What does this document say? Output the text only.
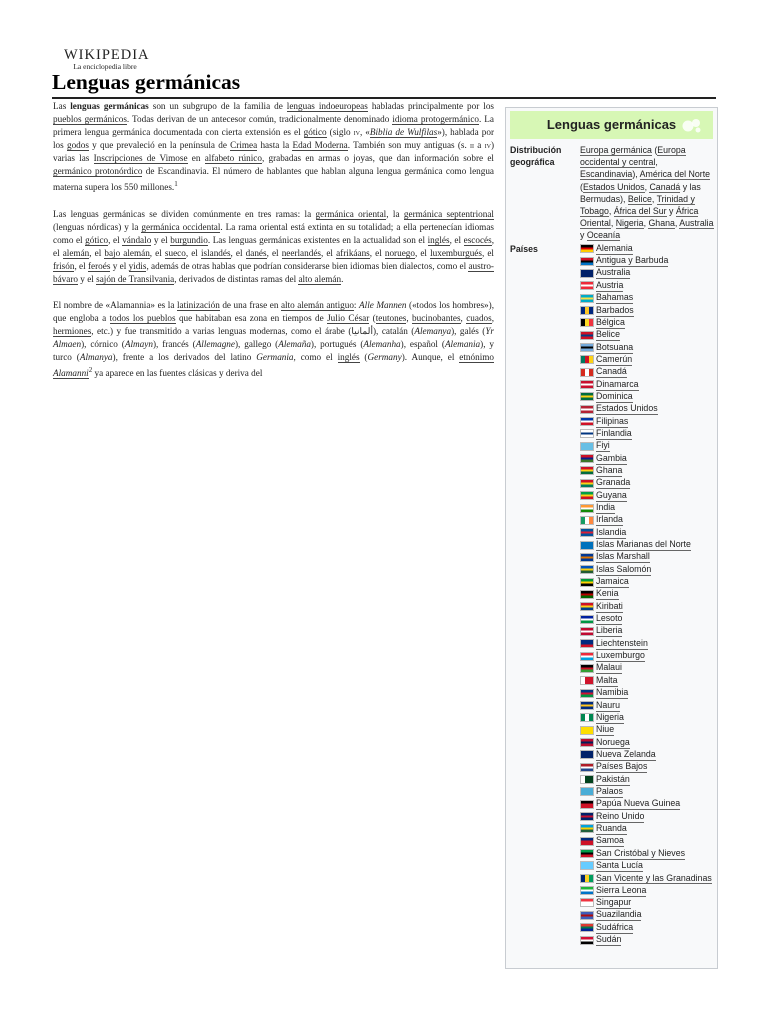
WIKIPEDIA
La enciclopedia libre
Lenguas germánicas

Las lenguas germánicas son un subgrupo de la familia de lenguas indoeuropeas habladas principalmente por los pueblos germánicos. Todas derivan de un antecesor común, tradicionalmente denominado idioma protogermánico. La primera lengua germánica documentada con cierta extensión es el gótico (siglo iv, «Biblia de Wulfilas»), hablada por los godos y que prevaleció en la península de Crimea hasta la Edad Moderna. También son muy antiguas (s. ii a iv) varias las Inscripciones de Vimose en alfabeto rúnico, grabadas en armas o joyas, que dan información sobre el germánico protonórdico de Escandinavia. El número de hablantes que hablan alguna lengua germánica como lengua materna supera los 550 millones.$^1$

Las lenguas germánicas se dividen comúnmente en tres ramas: la germánica oriental, la germánica septentrional (lenguas nórdicas) y la germánica occidental. La rama oriental está extinta en su totalidad; a ella pertenecían idiomas como el gótico, el vándalo y el burgundio. Las lenguas germánicas existentes en la actualidad son el inglés, el escocés, el alemán, el bajo alemán, el sueco, el islandés, el danés, el neerlandés, el afrikáans, el noruego, el luxemburgués, el frisón, el feroés y el yidis, además de otras hablas que podrían considerarse bien idiomas bien dialectos, como el austro-bávaro y el sajón de Transilvania, derivados de distintas ramas del alto alemán.

El nombre de «Alamannia» es la latinización de una frase en alto alemán antiguo: Alle Mannen («todos los hombres»), que engloba a todos los pueblos que habitaban esa zona en tiempos de Julio César (teutones, bucinobantes, cuados, hermiones, etc.) y fue transmitido a varias lenguas modernas, como el árabe (ألمانيا), catalán (Alemanya), galés (Yr Almaen), córnico (Almayn), francés (Allemagne), gallego (Alemaña), portugués (Alemanha), español (Alemania), y turco (Almanya), frente a los derivados del latino Germania, como el inglés (Germany). Aunque, el etnónimo Alamanni$^2$ ya aparece en las fuentes clásicas y deriva del

Lenguas germánicas
Distribución geográfica
Europa germánica (Europa occidental y central, Escandinavia), América del Norte (Estados Unidos, Canadá y las Bermudas), Belice, Trinidad y Tobago, África del Sur y África Oriental, Nigeria, Ghana, Australia y Oceanía
Países	Alemania
Antigua y Barbuda
Australia
Austria
Bahamas
Barbados
Bélgica
Belice
Botsuana
Camerún
Canadá
Dinamarca
Dominica
Estados Unidos
Filipinas
Finlandia
Fiyi
Gambia
Ghana
Granada
Guyana
India
Irlanda
Islandia
Islas Marianas del Norte
Islas Marshall
Islas Salomón
Jamaica
Kenia
Kiribati
Lesoto
Liberia
Liechtenstein
Luxemburgo
Malaui
Malta
Namibia
Nauru
Nigeria
Niue
Noruega
Nueva Zelanda
Países Bajos
Pakistán
Palaos
Papúa Nueva Guinea
Reino Unido
Ruanda
Samoa
San Cristóbal y Nieves
Santa Lucía
San Vicente y las Granadinas
Sierra Leona
Singapur
Suazilandia
Sudáfrica
Sudán
